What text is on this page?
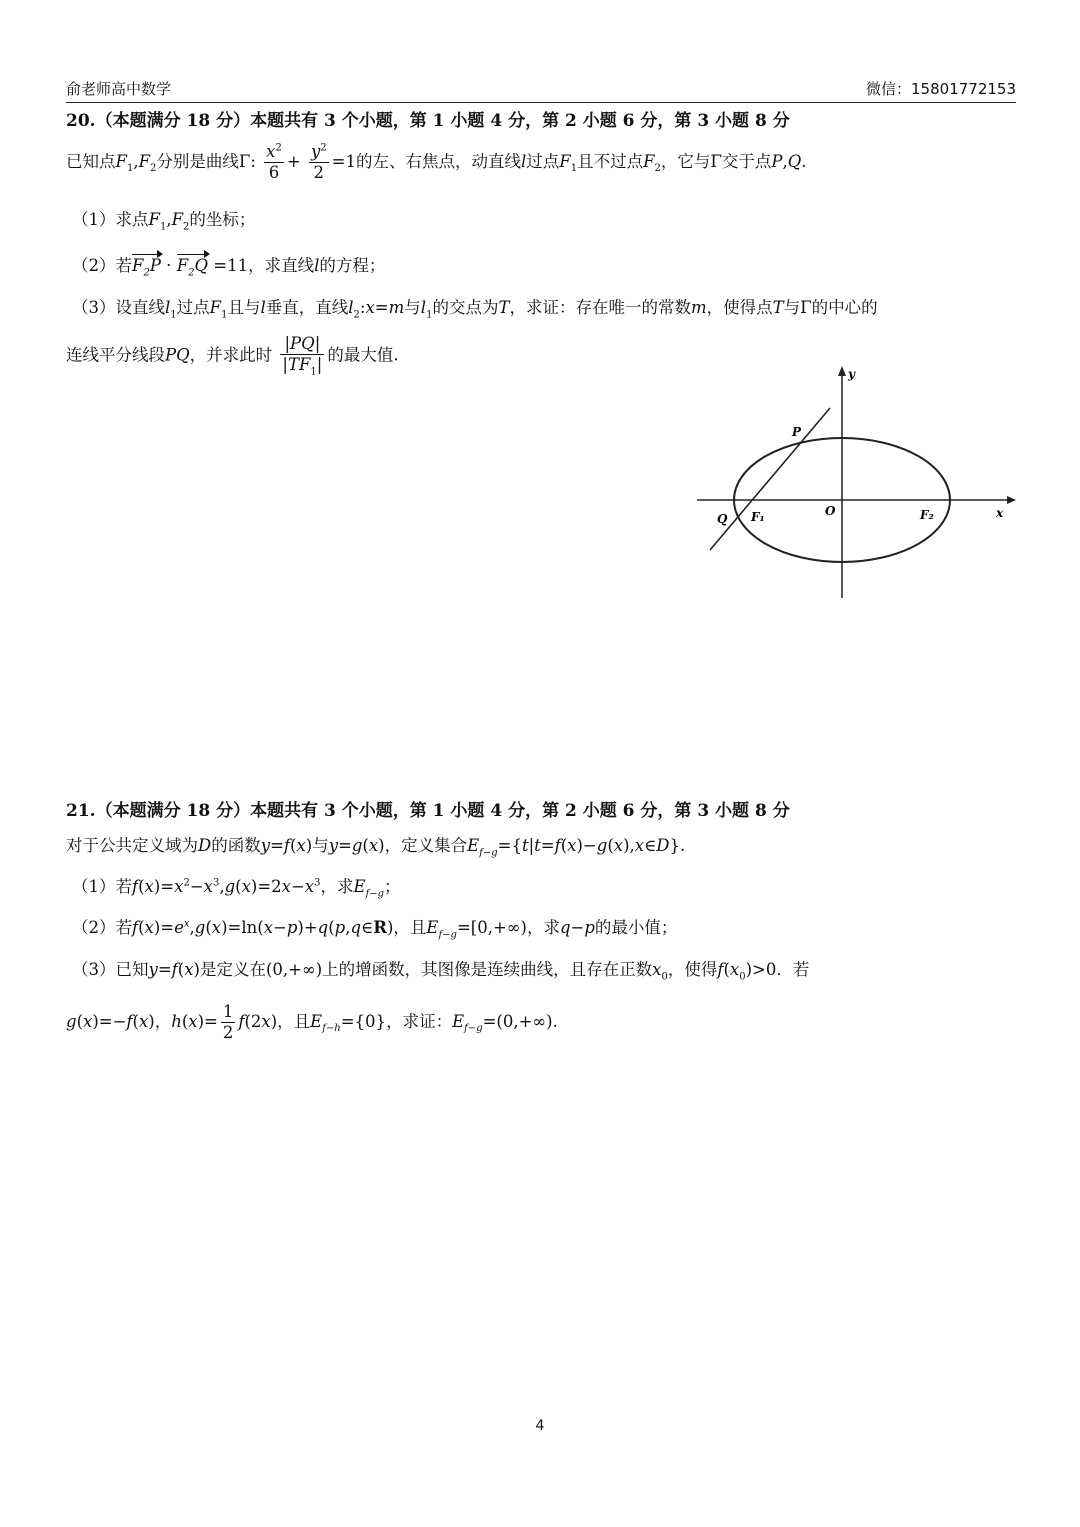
俞老师高中数学	微信：15801772153
20.（本题满分 18 分）本题共有 3 个小题，第 1 小题 4 分，第 2 小题 6 分，第 3 小题 8 分
已知点$F_1,F_2$分别是曲线Γ: $\frac{x^2}{6} + \frac{y^2}{2} =1$的左、右焦点，动直线l过点$F_1$且不过点$F_2$，它与Γ交于点P,Q.
（1）求点$F_1,F_2$的坐标；
（2）若$F_2P \cdot F_2Q =11$，求直线l的方程；
（3）设直线$l_1$过点$F_1$且与l垂直，直线$l_2:x=m$与$l_1$的交点为T，求证：存在唯一的常数m，使得点T与Γ的中心的
连线平分线段PQ，并求此时 $\frac{|PQ|}{|TF_1|}$ 的最大值.
y
x
P
Q F₁	O	F₂
21.（本题满分 18 分）本题共有 3 个小题，第 1 小题 4 分，第 2 小题 6 分，第 3 小题 8 分
对于公共定义域为D的函数y=f(x)与y=g(x)，定义集合$E_{f-g}=\{t|t=f(x)-g(x),x\in D\}$.
（1）若$f(x)=x^2-x^3,g(x)=2x-x^3$，求$E_{f-g}$；
（2）若$f(x)=e^x,g(x)=\ln(x-p)+q(p,q\in R)$，且$E_{f-g}=[0,+\infty)$，求q−p的最小值；
（3）已知y=f(x)是定义在(0,+∞)上的增函数，其图像是连续曲线，且存在正数$x_0$，使得$f(x_0)>0$．若
g(x)=−f(x)，$h(x)= \frac{1}{2} f(2x)$，且$E_{f-h}=\{0\}$，求证：$E_{f-g}=(0,+\infty)$.
4
